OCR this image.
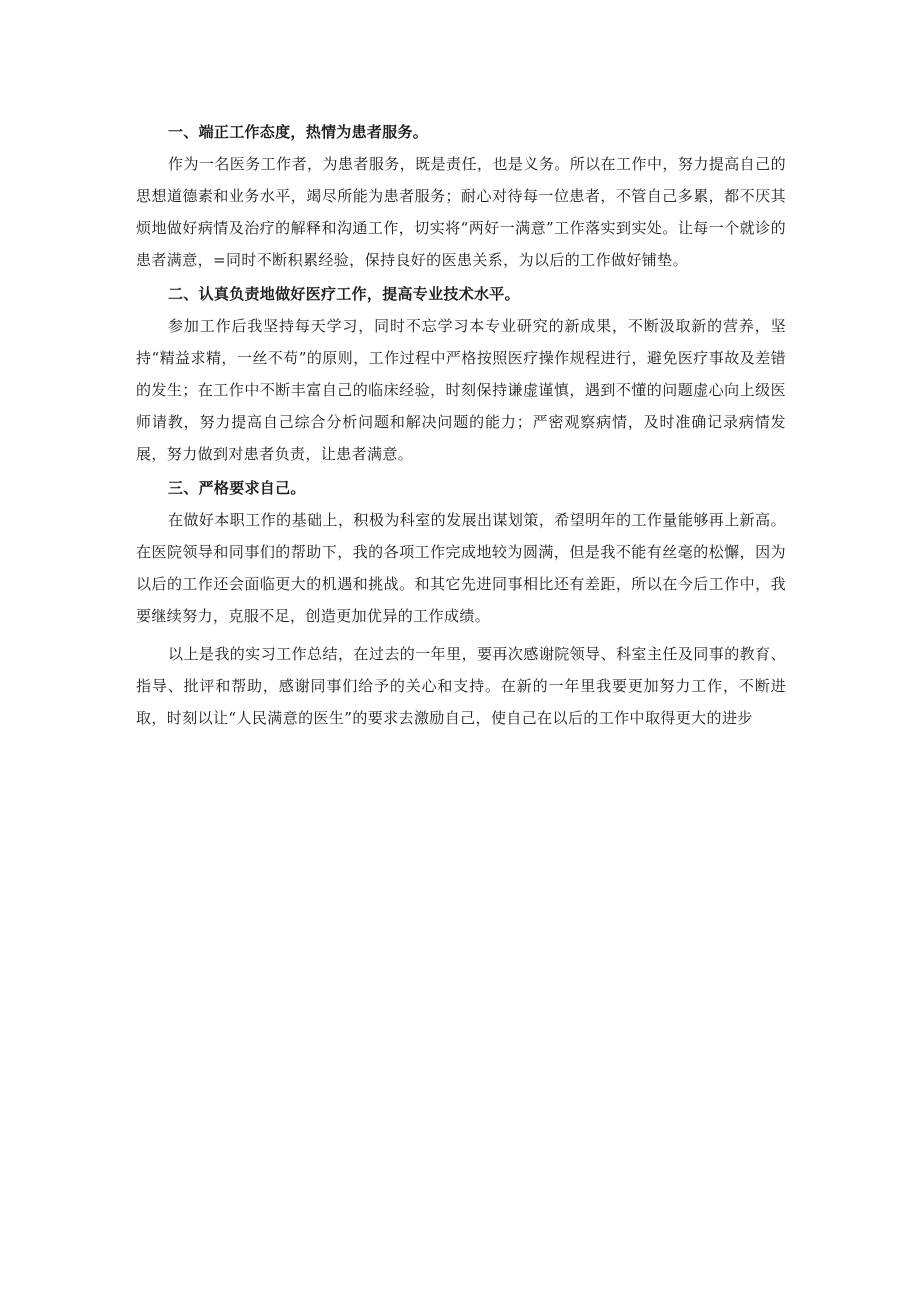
一、端正工作态度，热情为患者服务。

作为一名医务工作者，为患者服务，既是责任，也是义务。所以在工作中，努力提高自己的思想道德素和业务水平，竭尽所能为患者服务；耐心对待每一位患者，不管自己多累，都不厌其烦地做好病情及治疗的解释和沟通工作，切实将“两好一满意”工作落实到实处。让每一个就诊的患者满意，=同时不断积累经验，保持良好的医患关系，为以后的工作做好铺垫。

二、认真负责地做好医疗工作，提高专业技术水平。

参加工作后我坚持每天学习，同时不忘学习本专业研究的新成果，不断汲取新的营养，坚持“精益求精，一丝不苟”的原则，工作过程中严格按照医疗操作规程进行，避免医疗事故及差错的发生；在工作中不断丰富自己的临床经验，时刻保持谦虚谨慎，遇到不懂的问题虚心向上级医师请教，努力提高自己综合分析问题和解决问题的能力；严密观察病情，及时准确记录病情发展，努力做到对患者负责，让患者满意。

三、严格要求自己。

在做好本职工作的基础上，积极为科室的发展出谋划策，希望明年的工作量能够再上新高。在医院领导和同事们的帮助下，我的各项工作完成地较为圆满，但是我不能有丝毫的松懈，因为以后的工作还会面临更大的机遇和挑战。和其它先进同事相比还有差距，所以在今后工作中，我要继续努力，克服不足，创造更加优异的工作成绩。

以上是我的实习工作总结，在过去的一年里，要再次感谢院领导、科室主任及同事的教育、指导、批评和帮助，感谢同事们给予的关心和支持。在新的一年里我要更加努力工作，不断进取，时刻以让“人民满意的医生”的要求去激励自己，使自己在以后的工作中取得更大的进步
